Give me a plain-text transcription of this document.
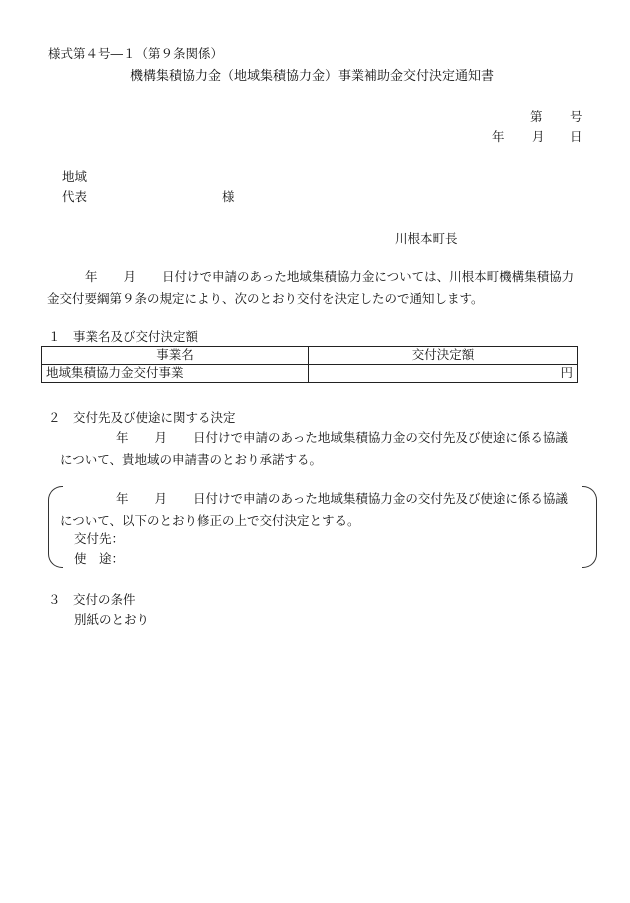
様式第４号―１（第９条関係）
機構集積協力金（地域集積協力金）事業補助金交付決定通知書
第 号
年 月 日
地域
代表	様
川根本町長
年 月 日付けで申請のあった地域集積協力金については、川根本町機構集積協力金交付要綱第９条の規定により、次のとおり交付を決定したので通知します。
１　事業名及び交付決定額
事業名	交付決定額
地域集積協力金交付事業	円
２　交付先及び使途に関する決定
年 月 日付けで申請のあった地域集積協力金の交付先及び使途に係る協議について、貴地域の申請書のとおり承諾する。
年 月 日付けで申請のあった地域集積協力金の交付先及び使途に係る協議について、以下のとおり修正の上で交付決定とする。
交付先：
使　途：
３　交付の条件
別紙のとおり
